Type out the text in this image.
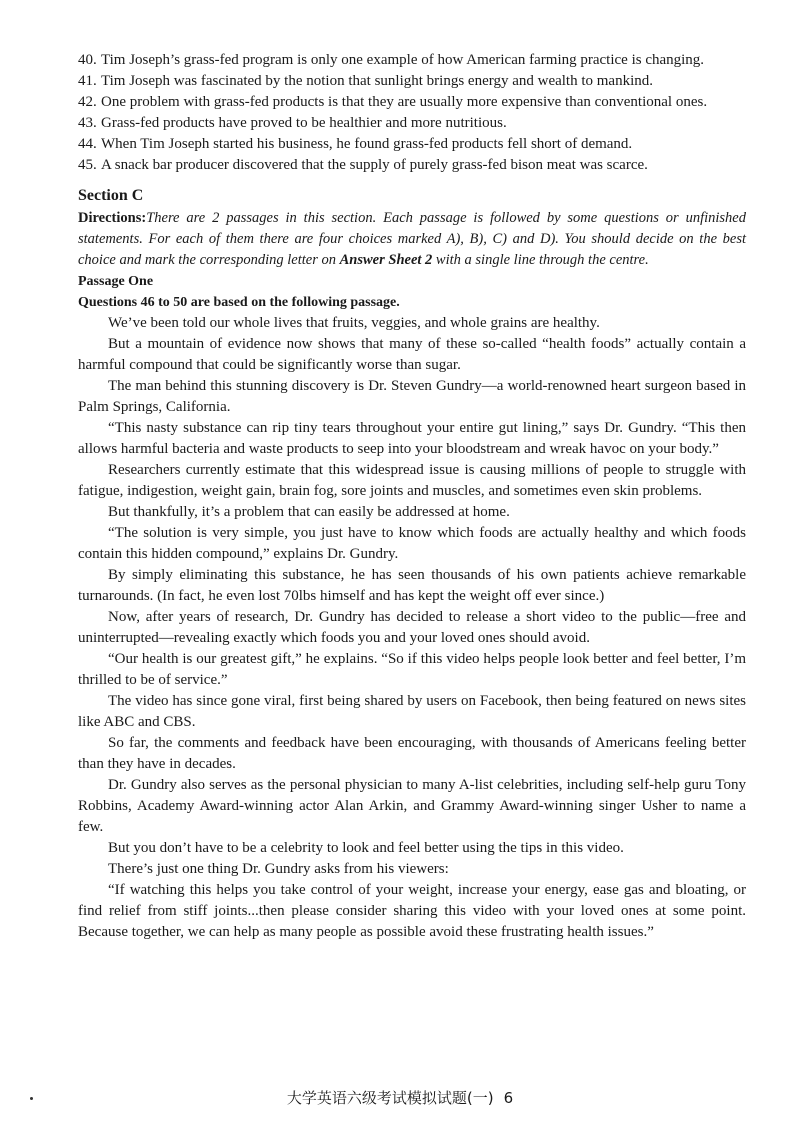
40. Tim Joseph’s grass-fed program is only one example of how American farming practice is changing.

41. Tim Joseph was fascinated by the notion that sunlight brings energy and wealth to mankind.

42. One problem with grass-fed products is that they are usually more expensive than conventional ones.

43. Grass-fed products have proved to be healthier and more nutritious.

44. When Tim Joseph started his business, he found grass-fed products fell short of demand.

45. A snack bar producer discovered that the supply of purely grass-fed bison meat was scarce.

Section C
Directions:There are 2 passages in this section. Each passage is followed by some questions or unfinished statements. For each of them there are four choices marked A), B), C) and D). You should decide on the best choice and mark the corresponding letter on Answer Sheet 2 with a single line through the centre.
Passage One
Questions 46 to 50 are based on the following passage.

We’ve been told our whole lives that fruits, veggies, and whole grains are healthy.

But a mountain of evidence now shows that many of these so-called “health foods” actually contain a harmful compound that could be significantly worse than sugar.

The man behind this stunning discovery is Dr. Steven Gundry—a world-renowned heart surgeon based in Palm Springs, California.

“This nasty substance can rip tiny tears throughout your entire gut lining,” says Dr. Gundry. “This then allows harmful bacteria and waste products to seep into your bloodstream and wreak havoc on your body.”

Researchers currently estimate that this widespread issue is causing millions of people to struggle with fatigue, indigestion, weight gain, brain fog, sore joints and muscles, and sometimes even skin problems.

But thankfully, it’s a problem that can easily be addressed at home.

“The solution is very simple, you just have to know which foods are actually healthy and which foods contain this hidden compound,” explains Dr. Gundry.

By simply eliminating this substance, he has seen thousands of his own patients achieve remarkable turnarounds. (In fact, he even lost 70lbs himself and has kept the weight off ever since.)

Now, after years of research, Dr. Gundry has decided to release a short video to the public—free and uninterrupted—revealing exactly which foods you and your loved ones should avoid.

“Our health is our greatest gift,” he explains. “So if this video helps people look better and feel better, I’m thrilled to be of service.”

The video has since gone viral, first being shared by users on Facebook, then being featured on news sites like ABC and CBS.

So far, the comments and feedback have been encouraging, with thousands of Americans feeling better than they have in decades.

Dr. Gundry also serves as the personal physician to many A-list celebrities, including self-help guru Tony Robbins, Academy Award-winning actor Alan Arkin, and Grammy Award-winning singer Usher to name a few.

But you don’t have to be a celebrity to look and feel better using the tips in this video.

There’s just one thing Dr. Gundry asks from his viewers:

“If watching this helps you take control of your weight, increase your energy, ease gas and bloating, or find relief from stiff joints...then please consider sharing this video with your loved ones at some point. Because together, we can help as many people as possible avoid these frustrating health issues.”

大学英语六级考试模拟试题(一) 6
